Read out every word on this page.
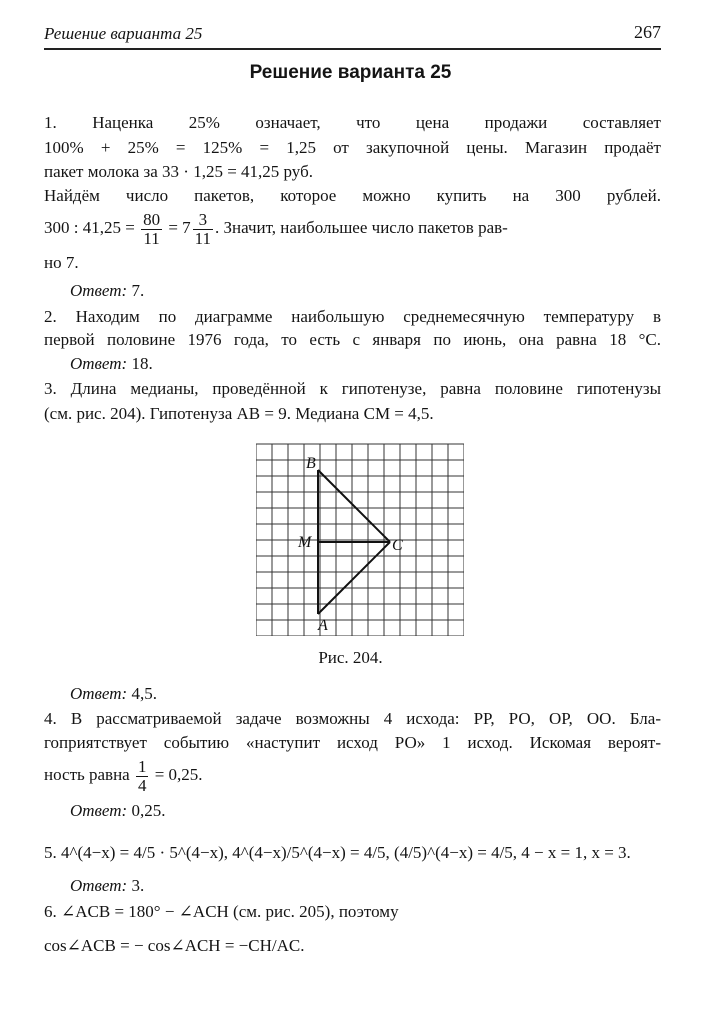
Решение варианта 25	267
Решение варианта 25
1. Наценка 25% означает, что цена продажи составляет
100% + 25% = 125% = 1,25 от закупочной цены. Магазин продаёт
пакет молока за 33 · 1,25 = 41,25 руб.
Найдём число пакетов, которое можно купить на 300 рублей.
300 : $41,25 = \frac{80}{11} = 7 \frac{3}{11}$ . Значит, наибольшее число пакетов рав-
но 7.
Ответ: 7.
2. Находим по диаграмме наибольшую среднемесячную температуру в
первой половине 1976 года, то есть с января по июнь, она равна 18 °C.
Ответ: 18.
3. Длина медианы, проведённой к гипотенузе, равна половине гипотенузы
(см. рис. 204). Гипотенуза AB = 9. Медиана CM = 4,5.
B
M	C
A
Рис. 204.
Ответ: 4,5.
4. В рассматриваемой задаче возможны 4 исхода: РР, РО, ОР, ОО. Бла-
гоприятствует событию «наступит исход РО» 1 исход. Искомая вероят-
ность равна $\frac{1}{4} = 0,25$.
Ответ: 0,25.
5. 4^(4−x) = 4/5 · 5^(4−x), 4^(4−x)/5^(4−x) = 4/5, (4/5)^(4−x) = 4/5, 4 − x = 1, x = 3.
Ответ: 3.
6. ∠ACB = 180° − ∠ACH (см. рис. 205), поэтому
cos∠ACB = − cos∠ACH = −CH/AC.
